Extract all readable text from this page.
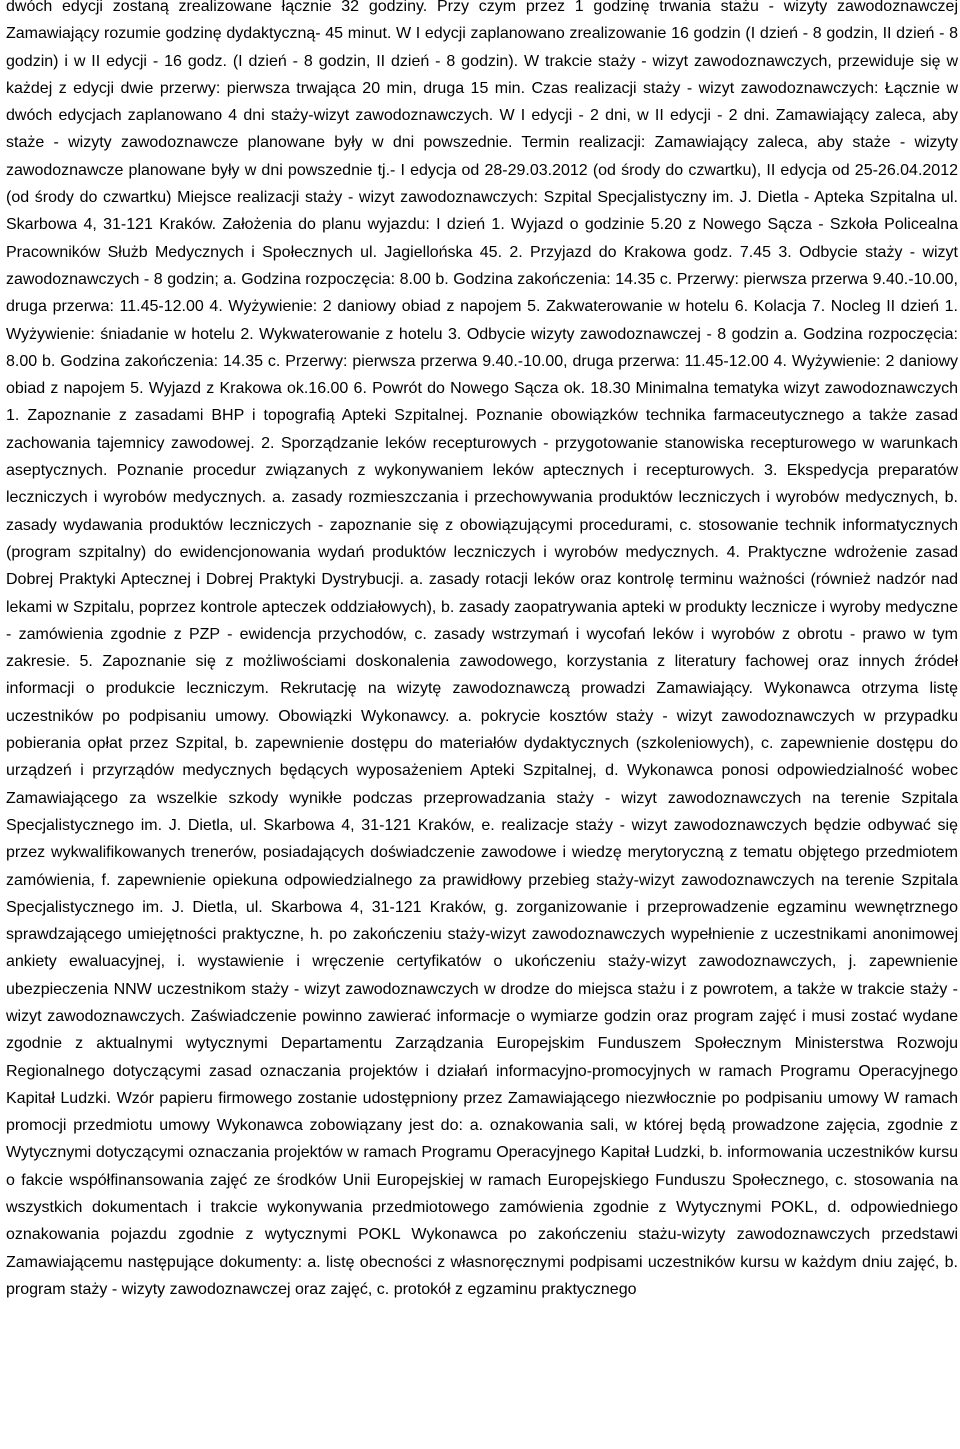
dwóch edycji zostaną zrealizowane łącznie 32 godziny. Przy czym przez 1 godzinę trwania stażu - wizyty zawodoznawczej Zamawiający rozumie godzinę dydaktyczną- 45 minut. W I edycji zaplanowano zrealizowanie 16 godzin (I dzień - 8 godzin, II dzień - 8 godzin) i w II edycji - 16 godz. (I dzień - 8 godzin, II dzień - 8 godzin). W trakcie staży - wizyt zawodoznawczych, przewiduje się w każdej z edycji dwie przerwy: pierwsza trwająca 20 min, druga 15 min. Czas realizacji staży - wizyt zawodoznawczych: Łącznie w dwóch edycjach zaplanowano 4 dni staży-wizyt zawodoznawczych. W I edycji - 2 dni, w II edycji - 2 dni. Zamawiający zaleca, aby staże - wizyty zawodoznawcze planowane były w dni powszednie. Termin realizacji: Zamawiający zaleca, aby staże - wizyty zawodoznawcze planowane były w dni powszednie tj.- I edycja od 28-29.03.2012 (od środy do czwartku), II edycja od 25-26.04.2012 (od środy do czwartku) Miejsce realizacji staży - wizyt zawodoznawczych: Szpital Specjalistyczny im. J. Dietla - Apteka Szpitalna ul. Skarbowa 4, 31-121 Kraków. Założenia do planu wyjazdu: I dzień 1. Wyjazd o godzinie 5.20 z Nowego Sącza - Szkoła Policealna Pracowników Służb Medycznych i Społecznych ul. Jagiellońska 45. 2. Przyjazd do Krakowa godz. 7.45 3. Odbycie staży - wizyt zawodoznawczych - 8 godzin; a. Godzina rozpoczęcia: 8.00 b. Godzina zakończenia: 14.35 c. Przerwy: pierwsza przerwa 9.40.-10.00, druga przerwa: 11.45-12.00 4. Wyżywienie: 2 daniowy obiad z napojem 5. Zakwaterowanie w hotelu 6. Kolacja 7. Nocleg II dzień 1. Wyżywienie: śniadanie w hotelu 2. Wykwaterowanie z hotelu 3. Odbycie wizyty zawodoznawczej - 8 godzin a. Godzina rozpoczęcia: 8.00 b. Godzina zakończenia: 14.35 c. Przerwy: pierwsza przerwa 9.40.-10.00, druga przerwa: 11.45-12.00 4. Wyżywienie: 2 daniowy obiad z napojem 5. Wyjazd z Krakowa ok.16.00 6. Powrót do Nowego Sącza ok. 18.30 Minimalna tematyka wizyt zawodoznawczych 1. Zapoznanie z zasadami BHP i topografią Apteki Szpitalnej. Poznanie obowiązków technika farmaceutycznego a także zasad zachowania tajemnicy zawodowej. 2. Sporządzanie leków recepturowych - przygotowanie stanowiska recepturowego w warunkach aseptycznych. Poznanie procedur związanych z wykonywaniem leków aptecznych i recepturowych. 3. Ekspedycja preparatów leczniczych i wyrobów medycznych. a. zasady rozmieszczania i przechowywania produktów leczniczych i wyrobów medycznych, b. zasady wydawania produktów leczniczych - zapoznanie się z obowiązującymi procedurami, c. stosowanie technik informatycznych (program szpitalny) do ewidencjonowania wydań produktów leczniczych i wyrobów medycznych. 4. Praktyczne wdrożenie zasad Dobrej Praktyki Aptecznej i Dobrej Praktyki Dystrybucji. a. zasady rotacji leków oraz kontrolę terminu ważności (również nadzór nad lekami w Szpitalu, poprzez kontrole apteczek oddziałowych), b. zasady zaopatrywania apteki w produkty lecznicze i wyroby medyczne - zamówienia zgodnie z PZP - ewidencja przychodów, c. zasady wstrzymań i wycofań leków i wyrobów z obrotu - prawo w tym zakresie. 5. Zapoznanie się z możliwościami doskonalenia zawodowego, korzystania z literatury fachowej oraz innych źródeł informacji o produkcie leczniczym. Rekrutację na wizytę zawodoznawczą prowadzi Zamawiający. Wykonawca otrzyma listę uczestników po podpisaniu umowy. Obowiązki Wykonawcy. a. pokrycie kosztów staży - wizyt zawodoznawczych w przypadku pobierania opłat przez Szpital, b. zapewnienie dostępu do materiałów dydaktycznych (szkoleniowych), c. zapewnienie dostępu do urządzeń i przyrządów medycznych będących wyposażeniem Apteki Szpitalnej, d. Wykonawca ponosi odpowiedzialność wobec Zamawiającego za wszelkie szkody wynikłe podczas przeprowadzania staży - wizyt zawodoznawczych na terenie Szpitala Specjalistycznego im. J. Dietla, ul. Skarbowa 4, 31-121 Kraków, e. realizacje staży - wizyt zawodoznawczych będzie odbywać się przez wykwalifikowanych trenerów, posiadających doświadczenie zawodowe i wiedzę merytoryczną z tematu objętego przedmiotem zamówienia, f. zapewnienie opiekuna odpowiedzialnego za prawidłowy przebieg staży-wizyt zawodoznawczych na terenie Szpitala Specjalistycznego im. J. Dietla, ul. Skarbowa 4, 31-121 Kraków, g. zorganizowanie i przeprowadzenie egzaminu wewnętrznego sprawdzającego umiejętności praktyczne, h. po zakończeniu staży-wizyt zawodoznawczych wypełnienie z uczestnikami anonimowej ankiety ewaluacyjnej, i. wystawienie i wręczenie certyfikatów o ukończeniu staży-wizyt zawodoznawczych, j. zapewnienie ubezpieczenia NNW uczestnikom staży - wizyt zawodoznawczych w drodze do miejsca stażu i z powrotem, a także w trakcie staży - wizyt zawodoznawczych. Zaświadczenie powinno zawierać informacje o wymiarze godzin oraz program zajęć i musi zostać wydane zgodnie z aktualnymi wytycznymi Departamentu Zarządzania Europejskim Funduszem Społecznym Ministerstwa Rozwoju Regionalnego dotyczącymi zasad oznaczania projektów i działań informacyjno-promocyjnych w ramach Programu Operacyjnego Kapitał Ludzki. Wzór papieru firmowego zostanie udostępniony przez Zamawiającego niezwłocznie po podpisaniu umowy W ramach promocji przedmiotu umowy Wykonawca zobowiązany jest do: a. oznakowania sali, w której będą prowadzone zajęcia, zgodnie z Wytycznymi dotyczącymi oznaczania projektów w ramach Programu Operacyjnego Kapitał Ludzki, b. informowania uczestników kursu o fakcie współfinansowania zajęć ze środków Unii Europejskiej w ramach Europejskiego Funduszu Społecznego, c. stosowania na wszystkich dokumentach i trakcie wykonywania przedmiotowego zamówienia zgodnie z Wytycznymi POKL, d. odpowiedniego oznakowania pojazdu zgodnie z wytycznymi POKL Wykonawca po zakończeniu stażu-wizyty zawodoznawczych przedstawi Zamawiającemu następujące dokumenty: a. listę obecności z własnoręcznymi podpisami uczestników kursu w każdym dniu zajęć, b. program staży - wizyty zawodoznawczej oraz zajęć, c. protokół z egzaminu praktycznego
